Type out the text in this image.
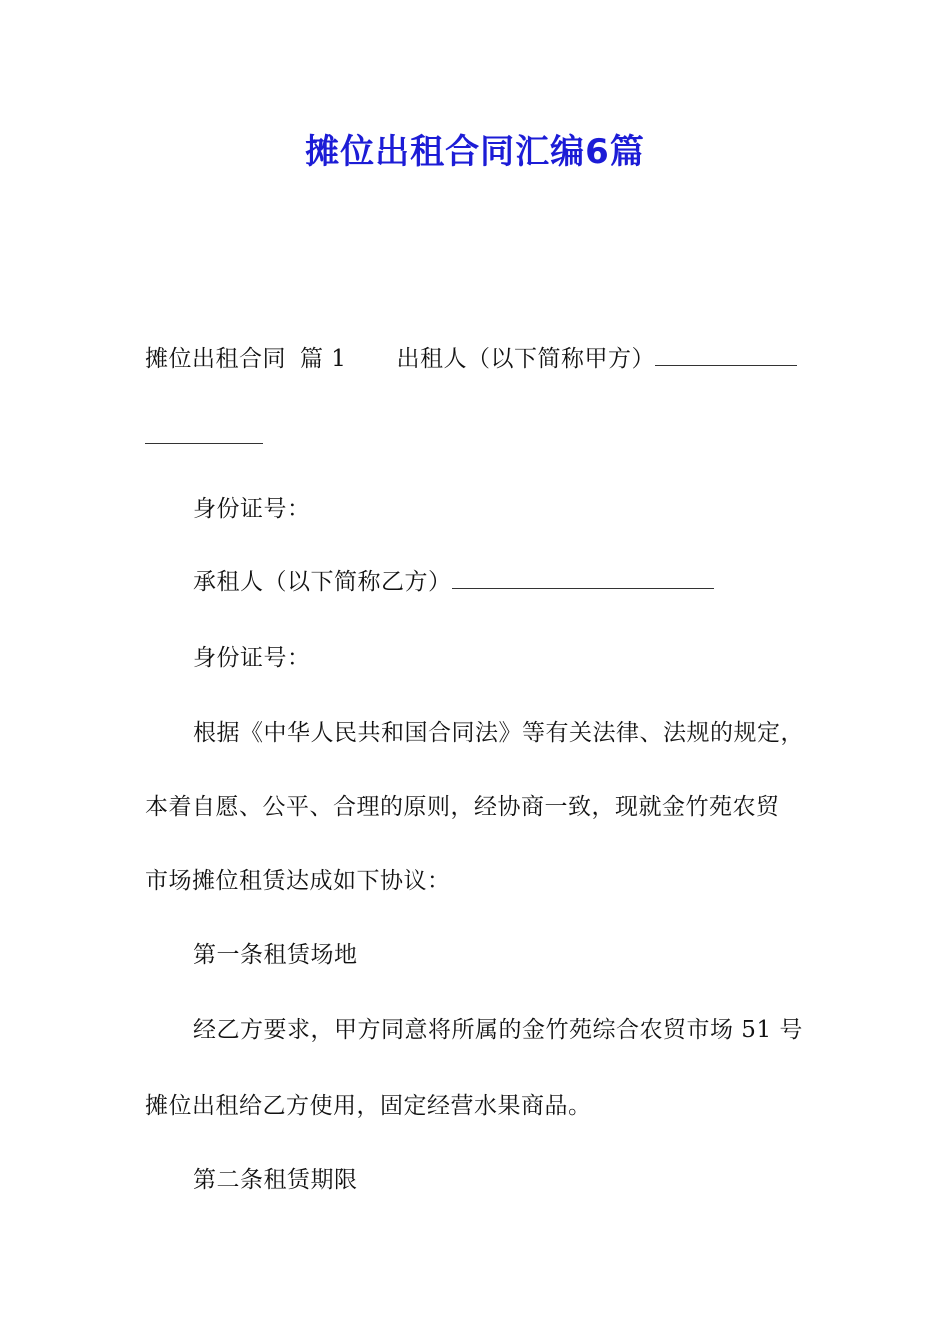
摊位出租合同汇编6篇
摊位出租合同 篇 1 出租人（以下简称甲方）
身份证号：
承租人（以下简称乙方）
身份证号：
根据《中华人民共和国合同法》等有关法律、法规的规定，
本着自愿、公平、合理的原则，经协商一致，现就金竹苑农贸
市场摊位租赁达成如下协议：
第一条租赁场地
经乙方要求，甲方同意将所属的金竹苑综合农贸市场 51 号
摊位出租给乙方使用，固定经营水果商品。
第二条租赁期限
